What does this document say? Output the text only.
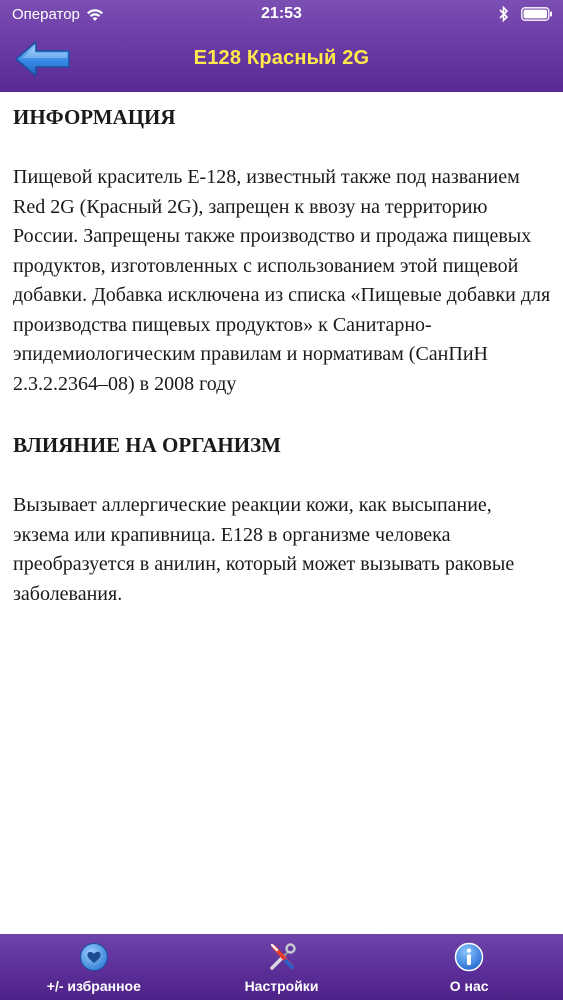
Оператор	21:53
E128 Красный 2G
ИНФОРМАЦИЯ
Пищевой краситель Е-128, известный также под названием Red 2G (Красный 2G), запрещен к ввозу на территорию России. Запрещены также производство и продажа пищевых продуктов, изготовленных с использованием этой пищевой добавки. Добавка исключена из списка «Пищевые добавки для производства пищевых продуктов» к Санитарно-эпидемиологическим правилам и нормативам (СанПиН 2.3.2.2364–08) в 2008 году
ВЛИЯНИЕ НА ОРГАНИЗМ
Вызывает аллергические реакции кожи, как высыпание, экзема или крапивница. Е128 в организме человека преобразуется в анилин, который может вызывать раковые заболевания.
+/- избранное	Настройки	О нас
